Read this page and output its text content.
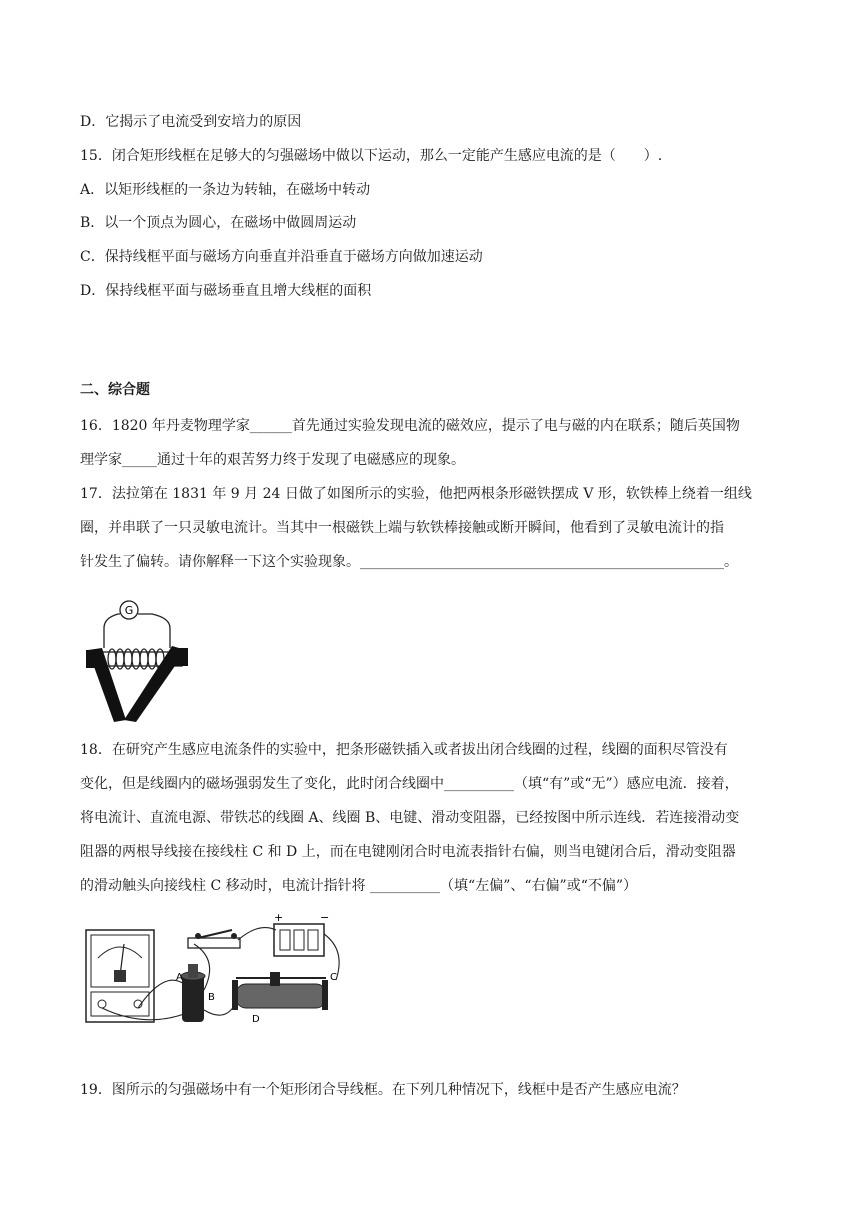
D．它揭示了电流受到安培力的原因
15．闭合矩形线框在足够大的匀强磁场中做以下运动，那么一定能产生感应电流的是（　　）.
A．以矩形线框的一条边为转轴，在磁场中转动
B．以一个顶点为圆心，在磁场中做圆周运动
C．保持线框平面与磁场方向垂直并沿垂直于磁场方向做加速运动
D．保持线框平面与磁场垂直且增大线框的面积
二、综合题
16．1820 年丹麦物理学家______首先通过实验发现电流的磁效应，提示了电与磁的内在联系；随后英国物
理学家_____通过十年的艰苦努力终于发现了电磁感应的现象。
17．法拉第在 1831 年 9 月 24 日做了如图所示的实验，他把两根条形磁铁摆成 V 形，软铁棒上绕着一组线
圈，并串联了一只灵敏电流计。当其中一根磁铁上端与软铁棒接触或断开瞬间，他看到了灵敏电流计的指
针发生了偏转。请你解释一下这个实验现象。____________________________________________________。
G
18．在研究产生感应电流条件的实验中，把条形磁铁插入或者拔出闭合线圈的过程，线圈的面积尽管没有
变化，但是线圈内的磁场强弱发生了变化，此时闭合线圈中__________（填“有”或“无”）感应电流．接着，
将电流计、直流电源、带铁芯的线圈 A、线圈 B、电键、滑动变阻器，已经按图中所示连线．若连接滑动变
阻器的两根导线接在接线柱 C 和 D 上，而在电键刚闭合时电流表指针右偏，则当电键闭合后，滑动变阻器
的滑动触头向接线柱 C 移动时，电流计指针将 __________（填“左偏”、“右偏”或“不偏”）
+	−
A
B
C
D
19．图所示的匀强磁场中有一个矩形闭合导线框。在下列几种情况下，线框中是否产生感应电流？
